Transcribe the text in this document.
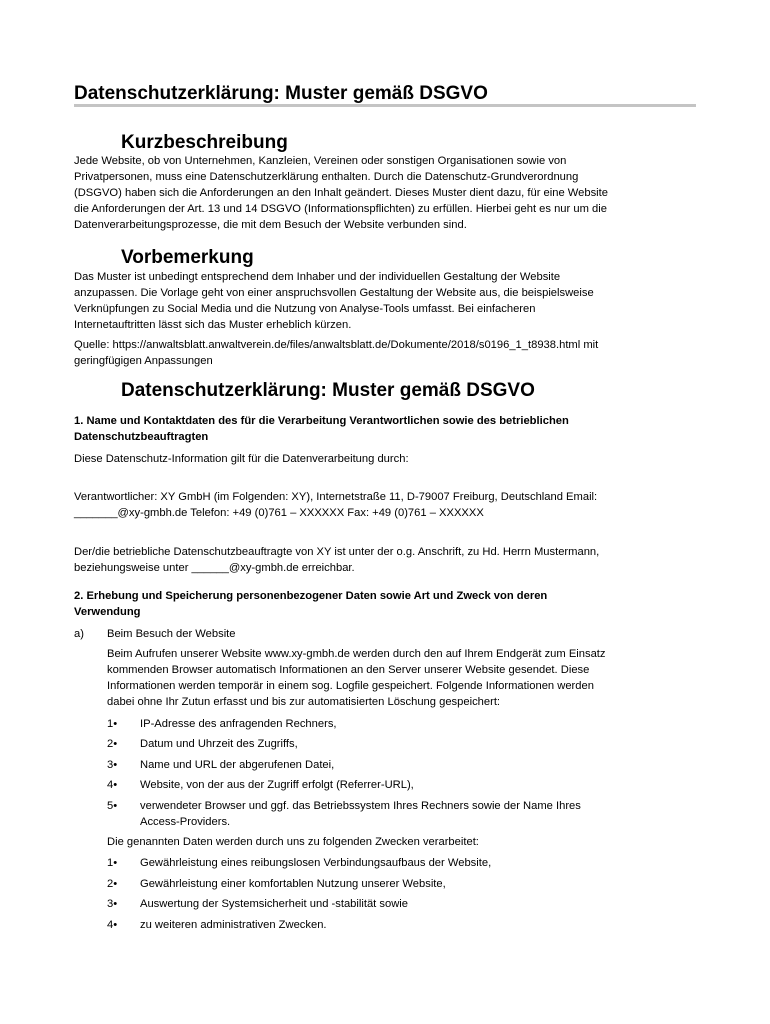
Datenschutzerklärung: Muster gemäß DSGVO
Kurzbeschreibung
Jede Website, ob von Unternehmen, Kanzleien, Vereinen oder sonstigen Organisationen sowie von
Privatpersonen, muss eine Datenschutzerklärung enthalten. Durch die Datenschutz-Grundverordnung
(DSGVO) haben sich die Anforderungen an den Inhalt geändert. Dieses Muster dient dazu, für eine Website
die Anforderungen der Art. 13 und 14 DSGVO (Informationspflichten) zu erfüllen. Hierbei geht es nur um die
Datenverarbeitungsprozesse, die mit dem Besuch der Website verbunden sind.
Vorbemerkung
Das Muster ist unbedingt entsprechend dem Inhaber und der individuellen Gestaltung der Website
anzupassen. Die Vorlage geht von einer anspruchsvollen Gestaltung der Website aus, die beispielsweise
Verknüpfungen zu Social Media und die Nutzung von Analyse-Tools umfasst. Bei einfacheren
Internetauftritten lässt sich das Muster erheblich kürzen.
Quelle: https://anwaltsblatt.anwaltverein.de/files/anwaltsblatt.de/Dokumente/2018/s0196_1_t8938.html mit
geringfügigen Anpassungen
Datenschutzerklärung: Muster gemäß DSGVO
1. Name und Kontaktdaten des für die Verarbeitung Verantwortlichen sowie des betrieblichen
Datenschutzbeauftragten
Diese Datenschutz-Information gilt für die Datenverarbeitung durch:
Verantwortlicher: XY GmbH (im Folgenden: XY), Internetstraße 11, D-79007 Freiburg, Deutschland Email:
_______@xy-gmbh.de Telefon: +49 (0)761 – XXXXXX Fax: +49 (0)761 – XXXXXX
Der/die betriebliche Datenschutzbeauftragte von XY ist unter der o.g. Anschrift, zu Hd. Herrn Mustermann,
beziehungsweise unter ______@xy-gmbh.de erreichbar.
2. Erhebung und Speicherung personenbezogener Daten sowie Art und Zweck von deren
Verwendung
a) Beim Besuch der Website
Beim Aufrufen unserer Website www.xy-gmbh.de werden durch den auf Ihrem Endgerät zum Einsatz
kommenden Browser automatisch Informationen an den Server unserer Website gesendet. Diese
Informationen werden temporär in einem sog. Logfile gespeichert. Folgende Informationen werden
dabei ohne Ihr Zutun erfasst und bis zur automatisierten Löschung gespeichert:
1• IP-Adresse des anfragenden Rechners,
2• Datum und Uhrzeit des Zugriffs,
3• Name und URL der abgerufenen Datei,
4• Website, von der aus der Zugriff erfolgt (Referrer-URL),
5• verwendeter Browser und ggf. das Betriebssystem Ihres Rechners sowie der Name Ihres
Access-Providers.
Die genannten Daten werden durch uns zu folgenden Zwecken verarbeitet:
1• Gewährleistung eines reibungslosen Verbindungsaufbaus der Website,
2• Gewährleistung einer komfortablen Nutzung unserer Website,
3• Auswertung der Systemsicherheit und -stabilität sowie
4• zu weiteren administrativen Zwecken.
